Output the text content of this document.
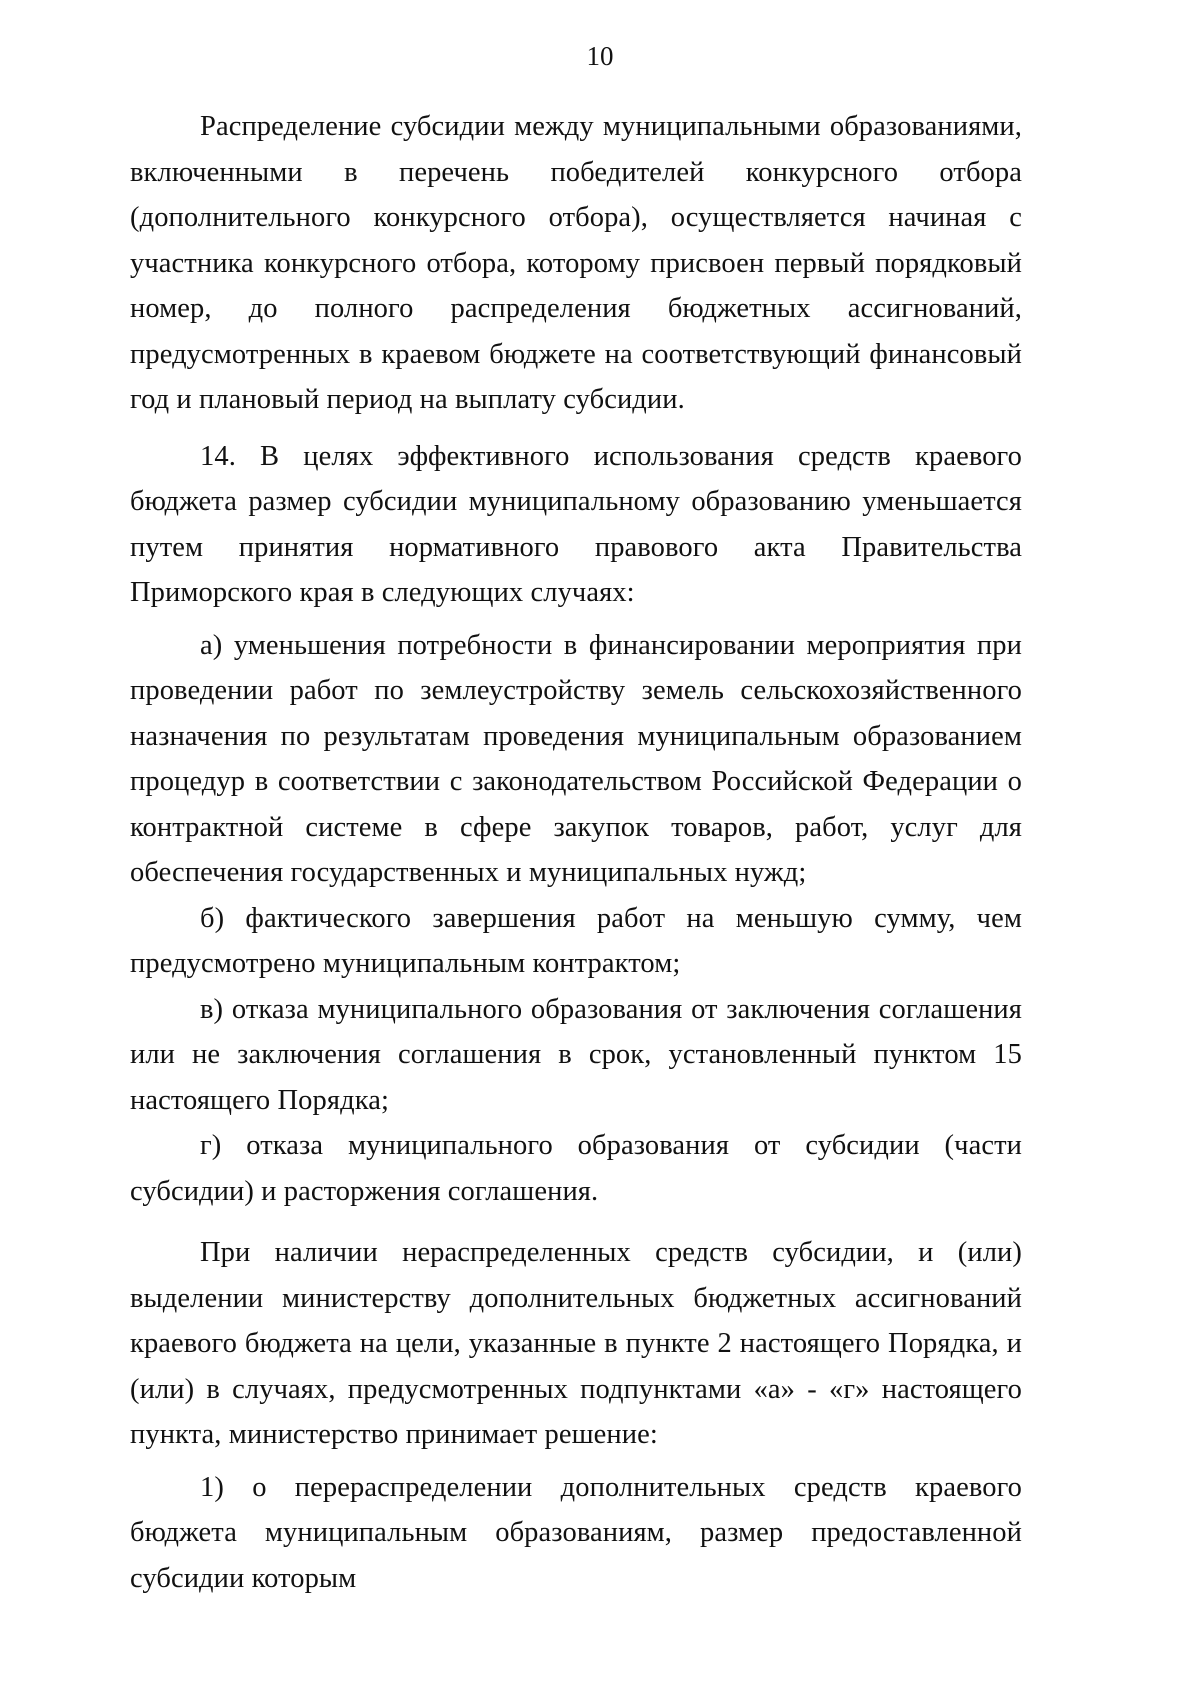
10

Распределение субсидии между муниципальными образованиями, включенными в перечень победителей конкурсного отбора (дополнительного конкурсного отбора), осуществляется начиная с участника конкурсного отбора, которому присвоен первый порядковый номер, до полного распределения бюджетных ассигнований, предусмотренных в краевом бюджете на соответствующий финансовый год и плановый период на выплату субсидии.

14. В целях эффективного использования средств краевого бюджета размер субсидии муниципальному образованию уменьшается путем принятия нормативного правового акта Правительства Приморского края в следующих случаях:

а) уменьшения потребности в финансировании мероприятия при проведении работ по землеустройству земель сельскохозяйственного назначения по результатам проведения муниципальным образованием процедур в соответствии с законодательством Российской Федерации о контрактной системе в сфере закупок товаров, работ, услуг для обеспечения государственных и муниципальных нужд;

б) фактического завершения работ на меньшую сумму, чем предусмотрено муниципальным контрактом;

в) отказа муниципального образования от заключения соглашения или не заключения соглашения в срок, установленный пунктом 15 настоящего Порядка;

г) отказа муниципального образования от субсидии (части субсидии) и расторжения соглашения.

При наличии нераспределенных средств субсидии, и (или) выделении министерству дополнительных бюджетных ассигнований краевого бюджета на цели, указанные в пункте 2 настоящего Порядка, и (или) в случаях, предусмотренных подпунктами «а» - «г» настоящего пункта, министерство принимает решение:

1) о перераспределении дополнительных средств краевого бюджета муниципальным образованиям, размер предоставленной субсидии которым
